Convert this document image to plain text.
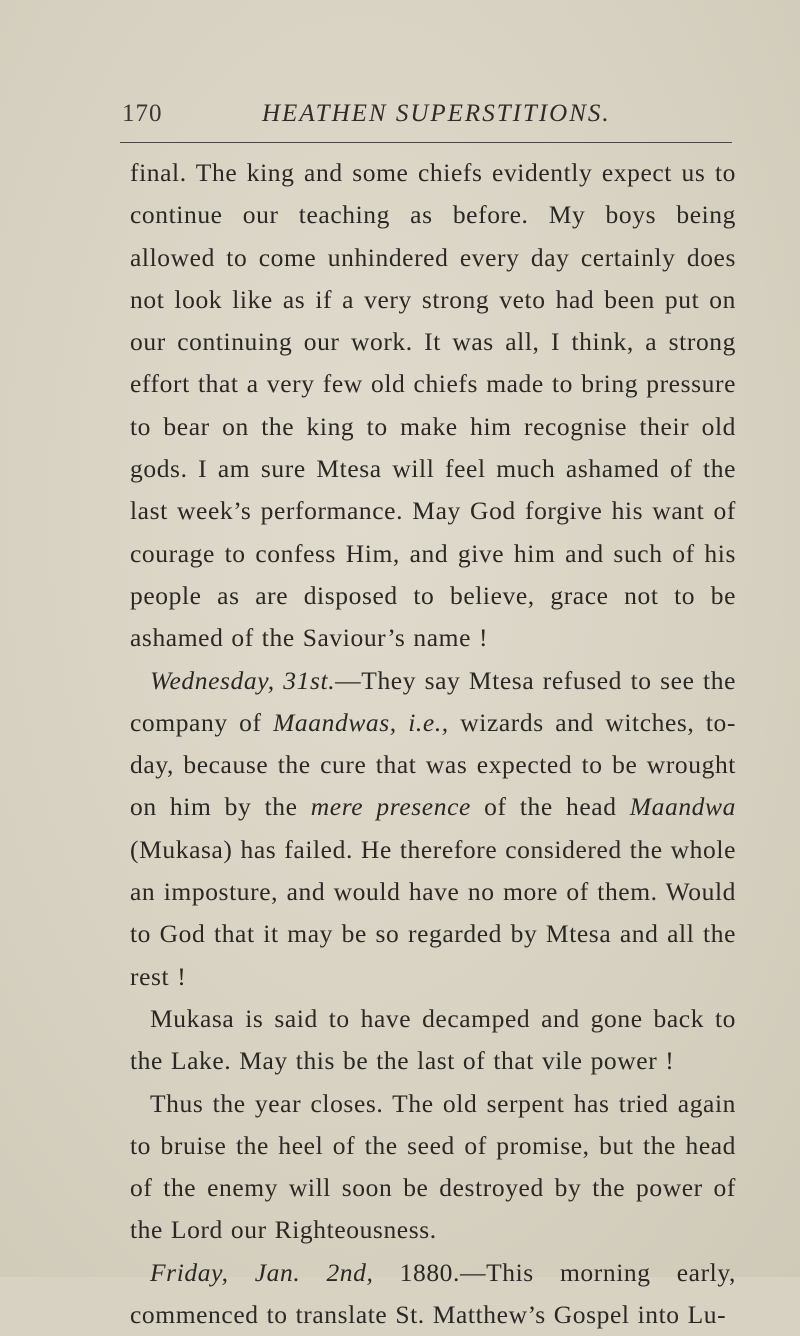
170	HEATHEN SUPERSTITIONS.

final. The king and some chiefs evidently expect us to continue our teaching as before. My boys being allowed to come unhindered every day certainly does not look like as if a very strong veto had been put on our continuing our work. It was all, I think, a strong effort that a very few old chiefs made to bring pressure to bear on the king to make him recognise their old gods. I am sure Mtesa will feel much ashamed of the last week’s performance. May God forgive his want of courage to confess Him, and give him and such of his people as are disposed to believe, grace not to be ashamed of the Saviour’s name !

Wednesday, 31st.—They say Mtesa refused to see the company of Maandwas, i.e., wizards and witches, to-day, because the cure that was expected to be wrought on him by the mere presence of the head Maandwa (Mukasa) has failed. He therefore considered the whole an imposture, and would have no more of them. Would to God that it may be so regarded by Mtesa and all the rest !

Mukasa is said to have decamped and gone back to the Lake. May this be the last of that vile power !

Thus the year closes. The old serpent has tried again to bruise the heel of the seed of promise, but the head of the enemy will soon be destroyed by the power of the Lord our Righteousness.

Friday, Jan. 2nd, 1880.—This morning early, commenced to translate St. Matthew’s Gospel into Lu-
